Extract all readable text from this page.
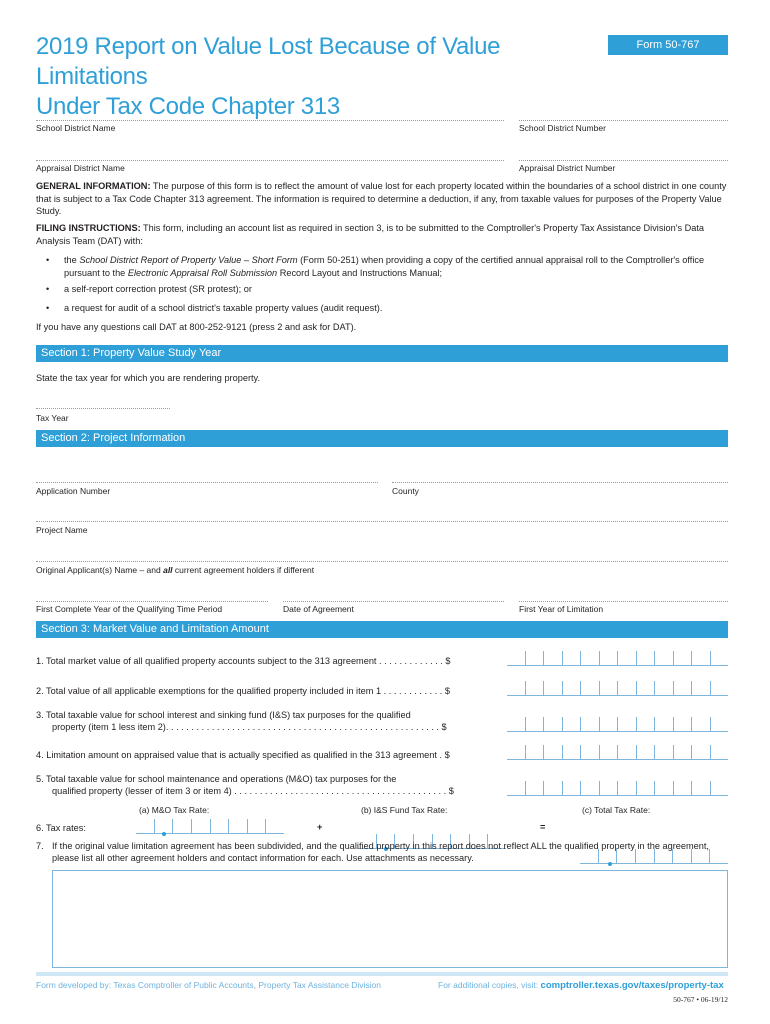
2019 Report on Value Lost Because of Value Limitations
Under Tax Code Chapter 313
Form 50-767
School District Name	School District Number
Appraisal District Name	Appraisal District Number
GENERAL INFORMATION: The purpose of this form is to reflect the amount of value lost for each property located within the boundaries of a school district in one county that is subject to a Tax Code Chapter 313 agreement. The information is required to determine a deduction, if any, from taxable values for purposes of the Property Value Study.
FILING INSTRUCTIONS: This form, including an account list as required in section 3, is to be submitted to the Comptroller's Property Tax Assistance Division's Data Analysis Team (DAT) with:
•	the School District Report of Property Value – Short Form (Form 50-251) when providing a copy of the certified annual appraisal roll to the Comptroller's office pursuant to the Electronic Appraisal Roll Submission Record Layout and Instructions Manual;
•	a self-report correction protest (SR protest); or
•	a request for audit of a school district's taxable property values (audit request).
If you have any questions call DAT at 800-252-9121 (press 2 and ask for DAT).
Section 1: Property Value Study Year
State the tax year for which you are rendering property.
Tax Year
Section 2: Project Information
Application Number	County
Project Name
Original Applicant(s) Name – and all current agreement holders if different
First Complete Year of the Qualifying Time Period	Date of Agreement	First Year of Limitation
Section 3: Market Value and Limitation Amount
1. Total market value of all qualified property accounts subject to the 313 agreement . . . . . . . . . . . . . $
2. Total value of all applicable exemptions for the qualified property included in item 1 . . . . . . . . . . . . $
3. Total taxable value for school interest and sinking fund (I&S) tax purposes for the qualified
property (item 1 less item 2). . . . . . . . . . . . . . . . . . . . . . . . . . . . . . . . . . . . . . . . . . . . . . . . . . . . . . $
4. Limitation amount on appraised value that is actually specified as qualified in the 313 agreement . $
5. Total taxable value for school maintenance and operations (M&O) tax purposes for the
qualified property (lesser of item 3 or item 4) . . . . . . . . . . . . . . . . . . . . . . . . . . . . . . . . . . . . . . . . . . $
(a) M&O Tax Rate:	(b) I&S Fund Tax Rate:	(c) Total Tax Rate:
6. Tax rates:	+	=
7. If the original value limitation agreement has been subdivided, and the qualified property in this report does not reflect ALL the qualified property in the agreement, please list all other agreement holders and contact information for each. Use attachments as necessary.
Form developed by: Texas Comptroller of Public Accounts, Property Tax Assistance Division	For additional copies, visit: comptroller.texas.gov/taxes/property-tax
50-767 • 06-19/12
